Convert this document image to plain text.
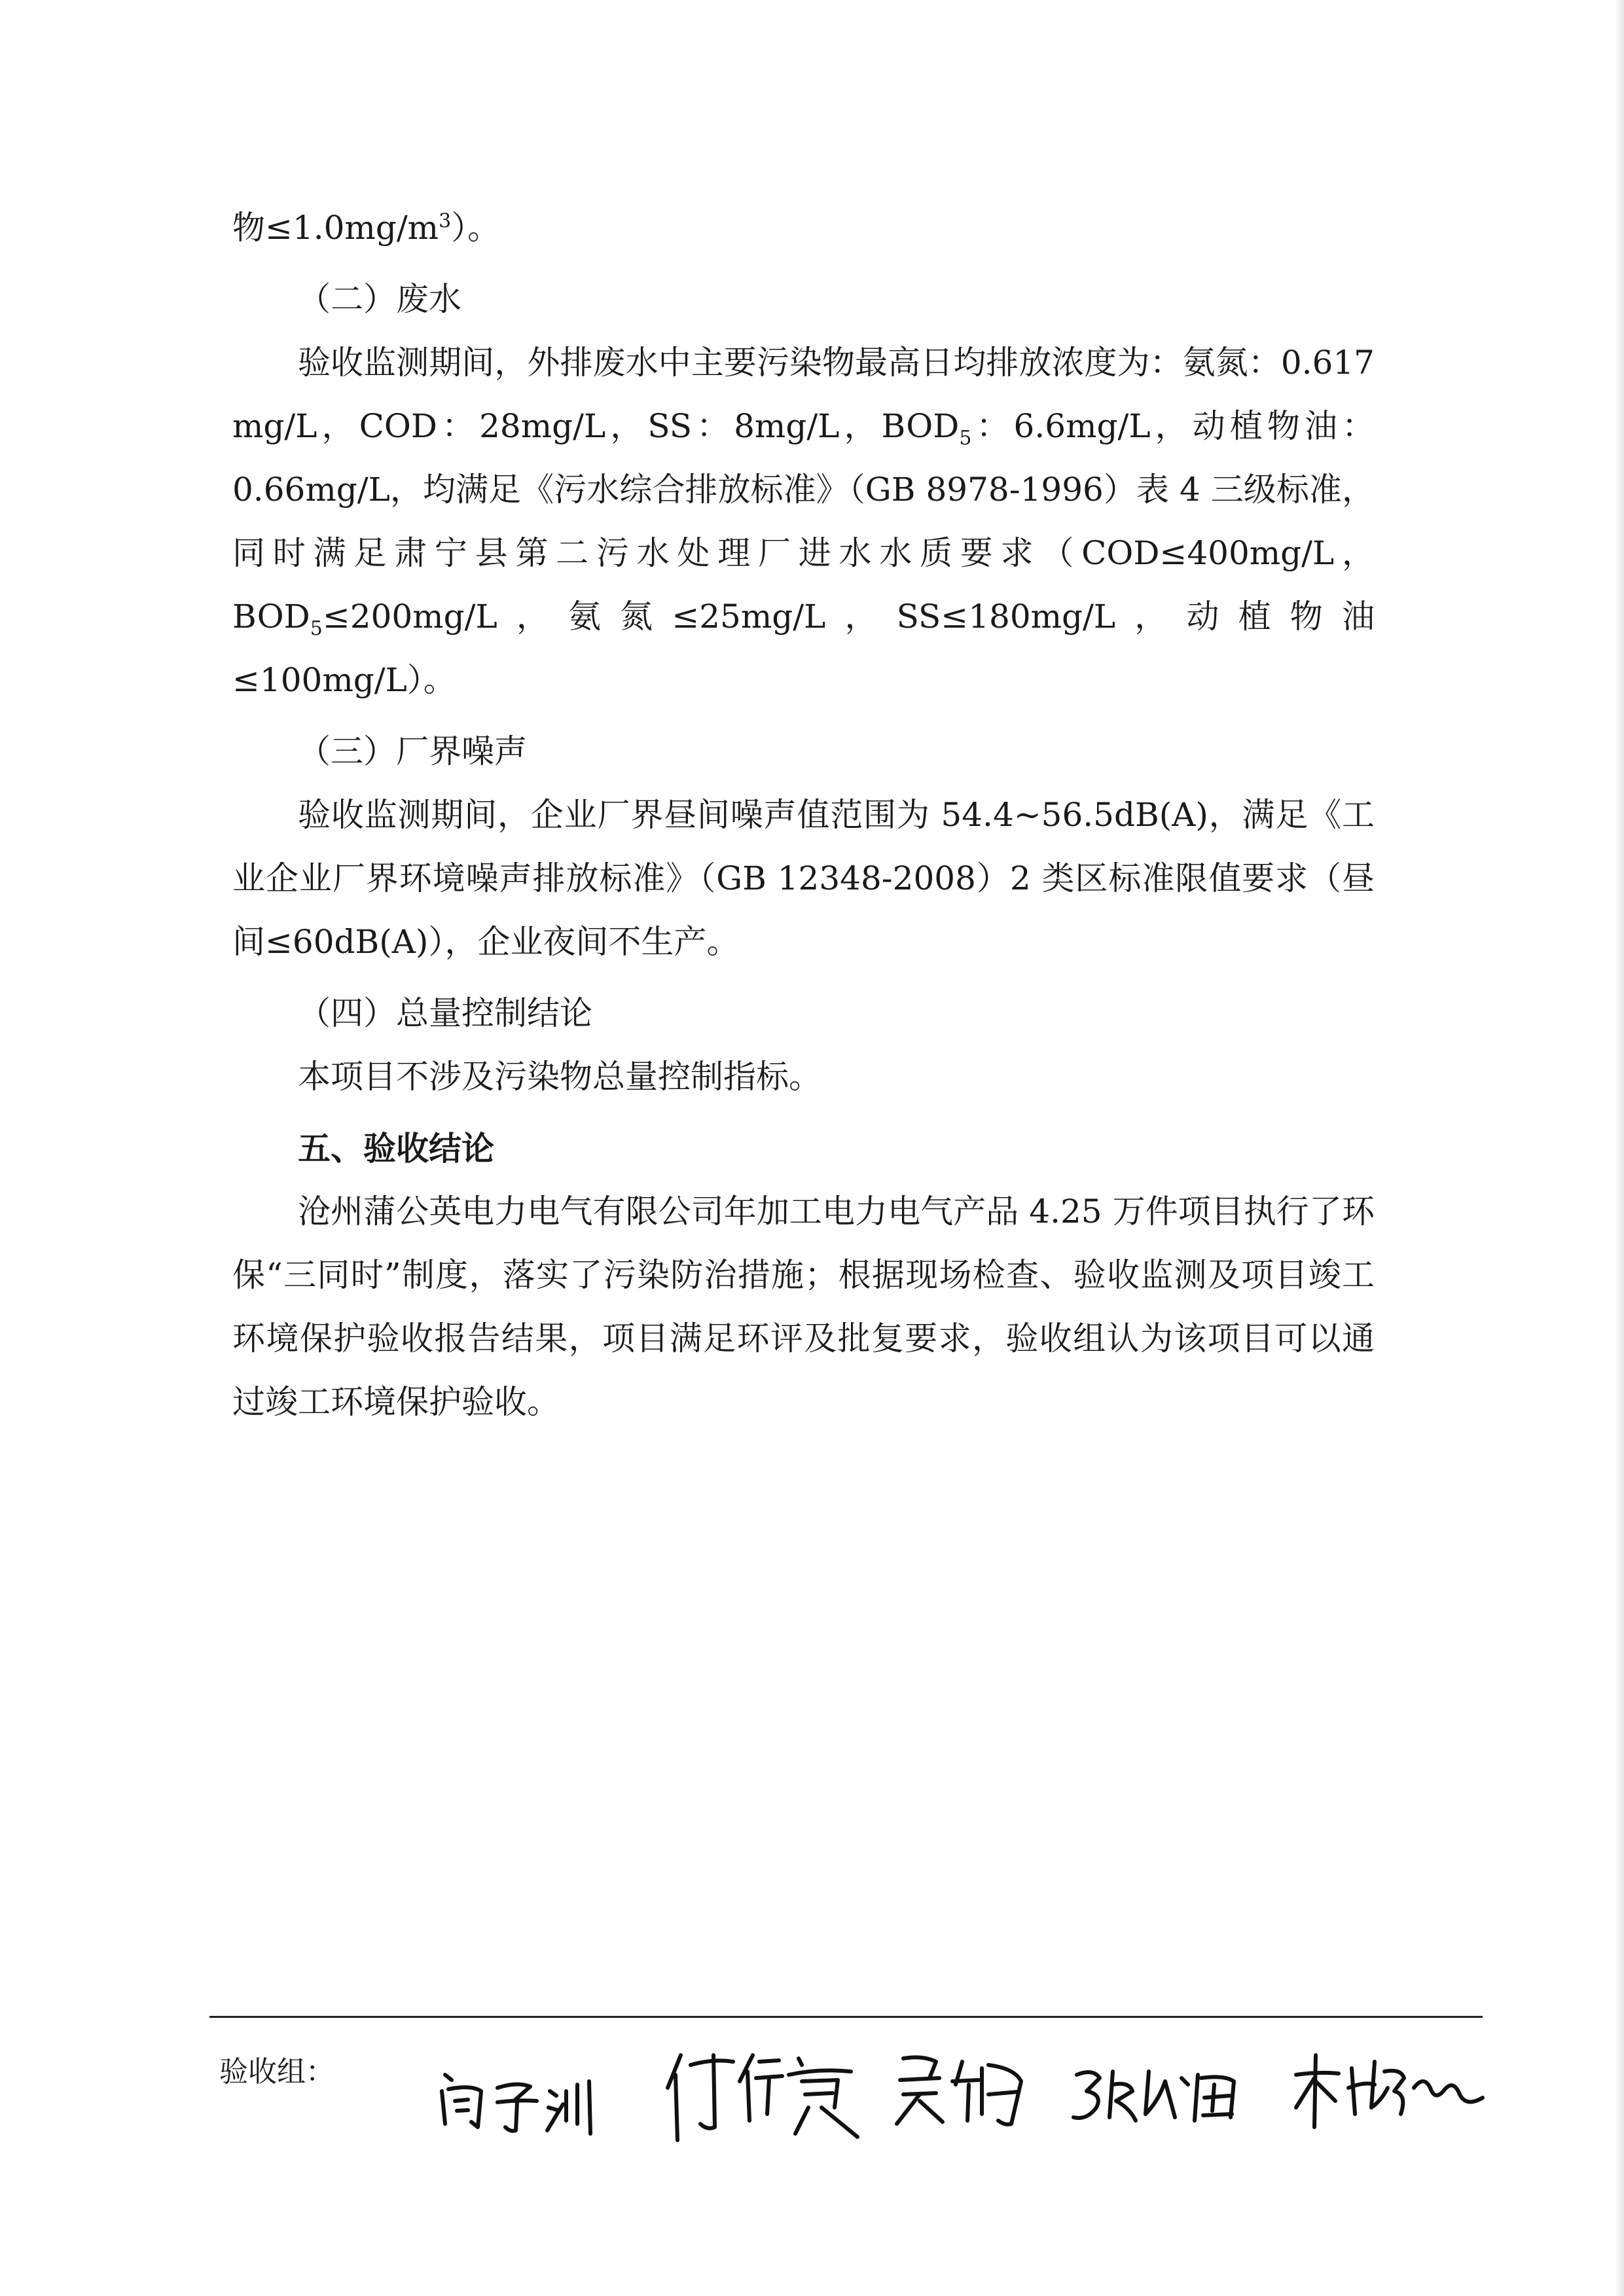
物$\le 1.0mg/m^3$）。

（二）废水

验收监测期间，外排废水中主要污染物最高日均排放浓度为：氨氮：0.617 mg/L，COD：28mg/L，SS：8mg/L，$BOD_5$：6.6mg/L，动植物油：0.66mg/L，均满足《污水综合排放标准》（GB 8978-1996）表 4 三级标准，同时满足肃宁县第二污水处理厂进水水质要求（COD≤400mg/L，$BOD_5\le 200mg/L$，氨氮≤25mg/L，SS≤180mg/L，动植物油≤100mg/L）。

（三）厂界噪声

验收监测期间，企业厂界昼间噪声值范围为 54.4~56.5dB(A)，满足《工业企业厂界环境噪声排放标准》（GB 12348-2008）2 类区标准限值要求（昼间≤60dB(A)），企业夜间不生产。

（四）总量控制结论

本项目不涉及污染物总量控制指标。

五、验收结论

沧州蒲公英电力电气有限公司年加工电力电气产品 4.25 万件项目执行了环保“三同时”制度，落实了污染防治措施；根据现场检查、验收监测及项目竣工环境保护验收报告结果，项目满足环评及批复要求，验收组认为该项目可以通过竣工环境保护验收。

验收组：
